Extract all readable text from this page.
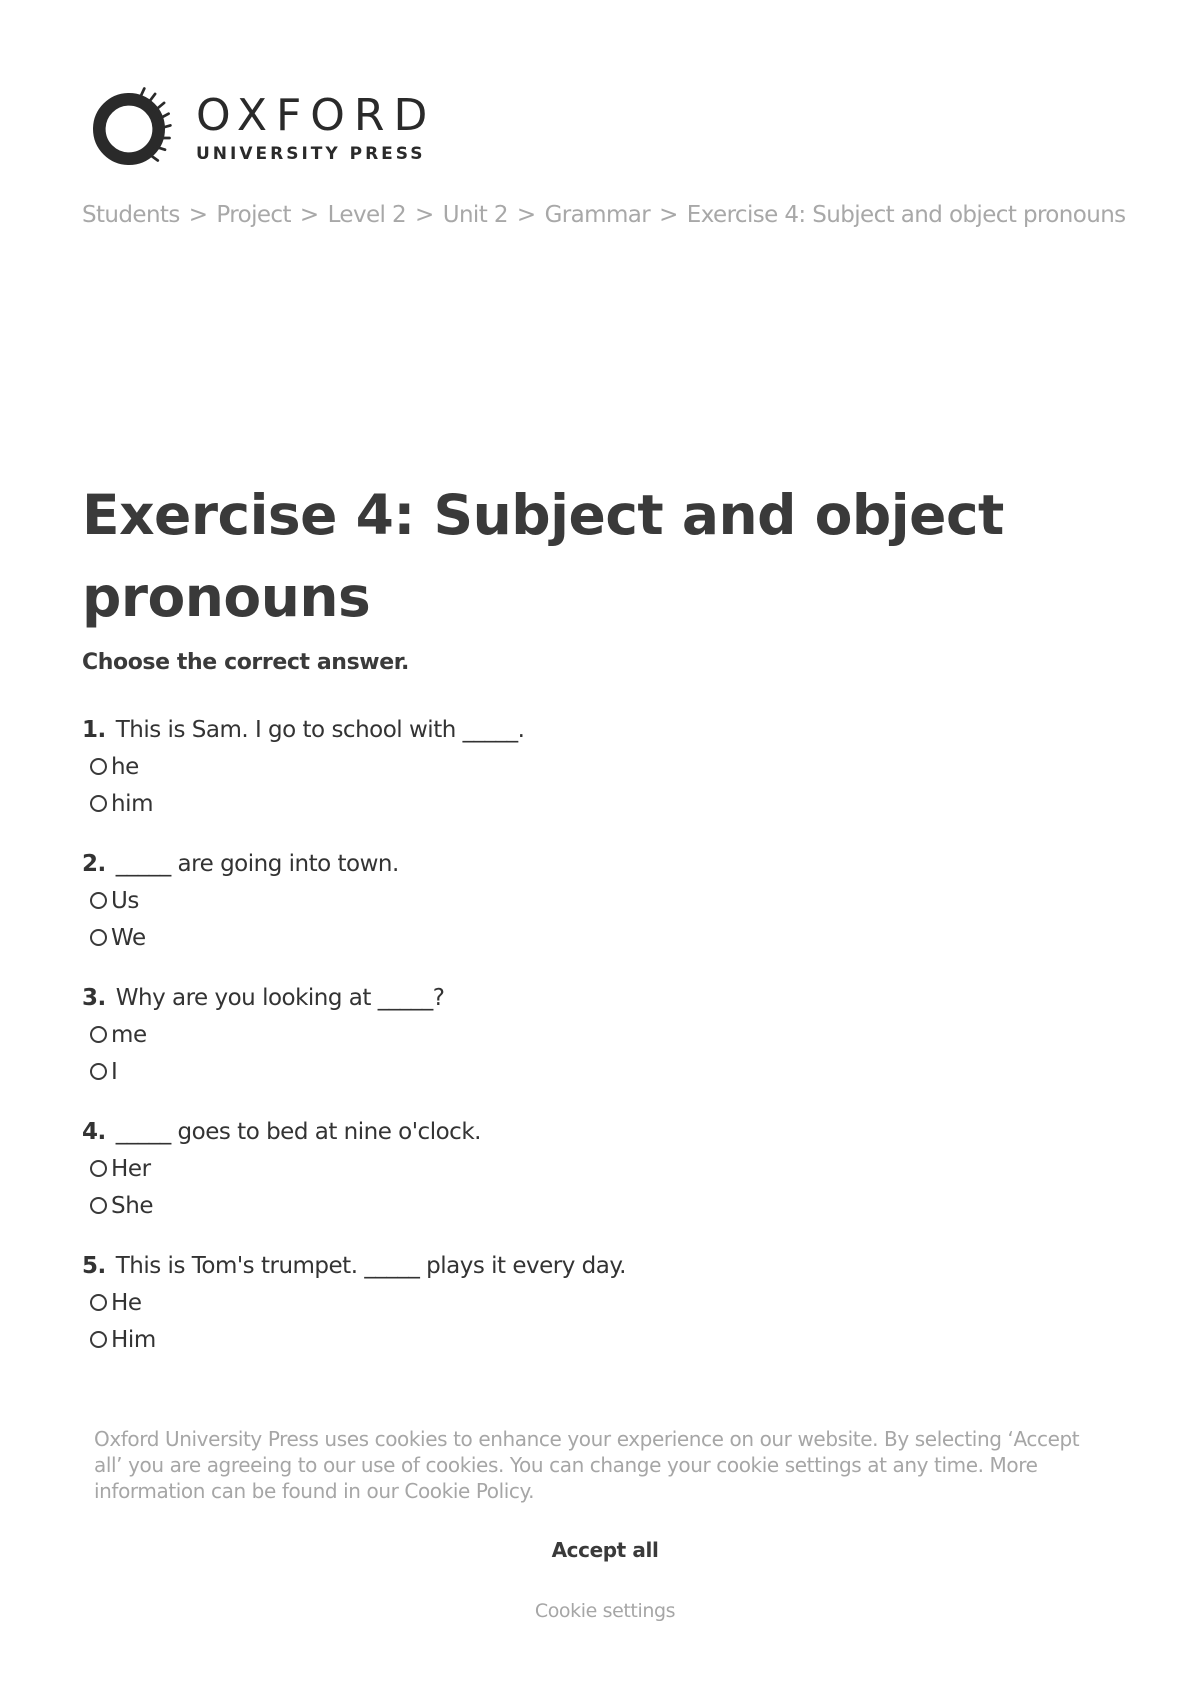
OXFORD
UNIVERSITY PRESS
Students > Project > Level 2 > Unit 2 > Grammar > Exercise 4: Subject and object pronouns
Exercise 4: Subject and object pronouns
Choose the correct answer.
1. This is Sam. I go to school with _____.
he
him
2. _____ are going into town.
Us
We
3. Why are you looking at _____?
me
I
4. _____ goes to bed at nine o'clock.
Her
She
5. This is Tom's trumpet. _____ plays it every day.
He
Him

Oxford University Press uses cookies to enhance your experience on our website. By selecting ‘Accept all’ you are agreeing to our use of cookies. You can change your cookie settings at any time. More information can be found in our Cookie Policy.

Accept all
Cookie settings
